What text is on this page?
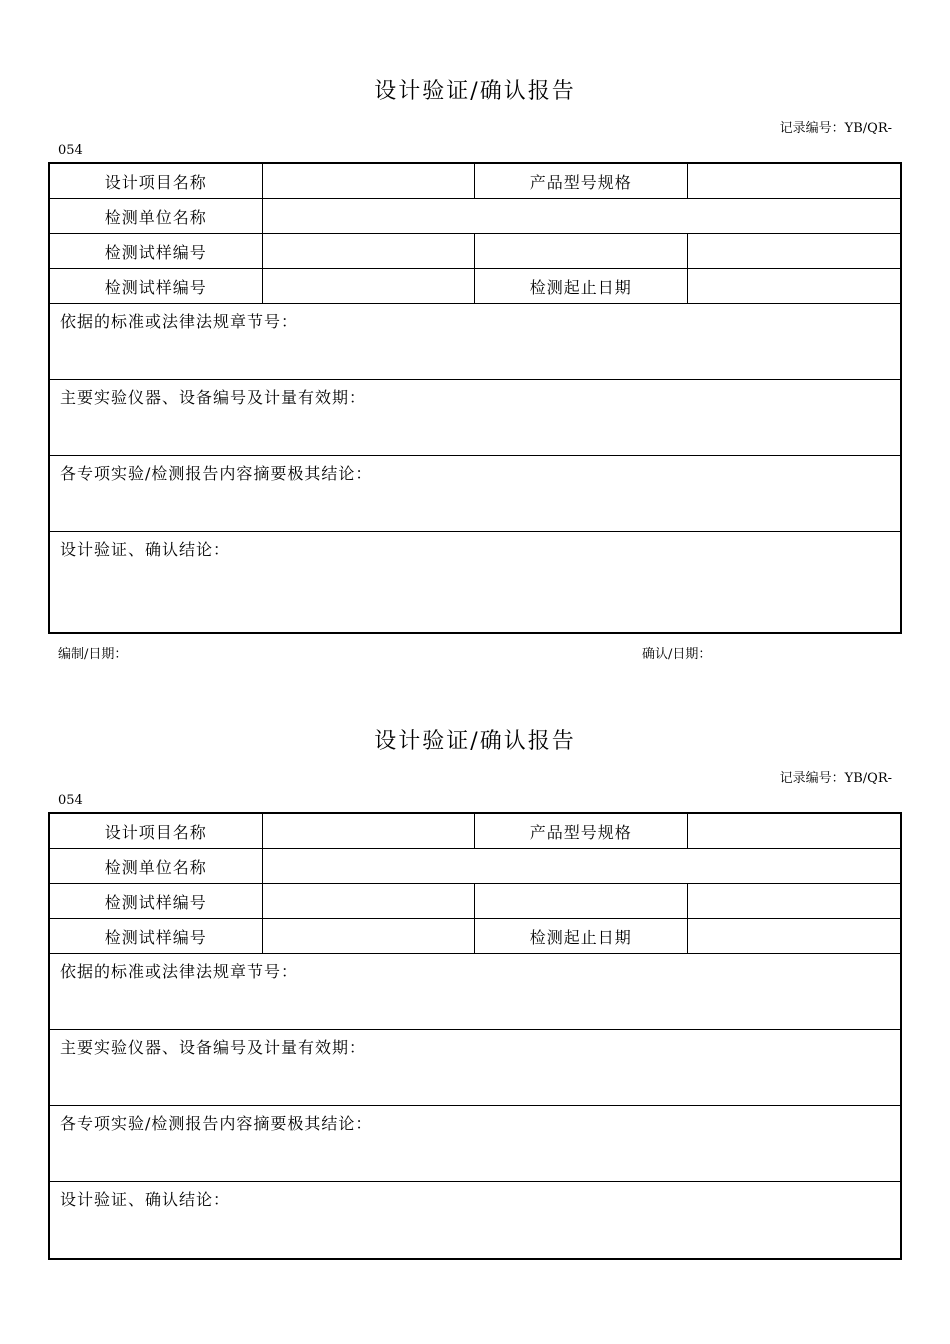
设计验证/确认报告
记录编号：YB/QR-
054
设计项目名称	产品型号规格
检测单位名称
检测试样编号
检测试样编号	检测起止日期
依据的标准或法律法规章节号：
主要实验仪器、设备编号及计量有效期：
各专项实验/检测报告内容摘要极其结论：
设计验证、确认结论：
编制/日期：	确认/日期：
设计验证/确认报告
记录编号：YB/QR-
054
设计项目名称	产品型号规格
检测单位名称
检测试样编号
检测试样编号	检测起止日期
依据的标准或法律法规章节号：
主要实验仪器、设备编号及计量有效期：
各专项实验/检测报告内容摘要极其结论：
设计验证、确认结论：
